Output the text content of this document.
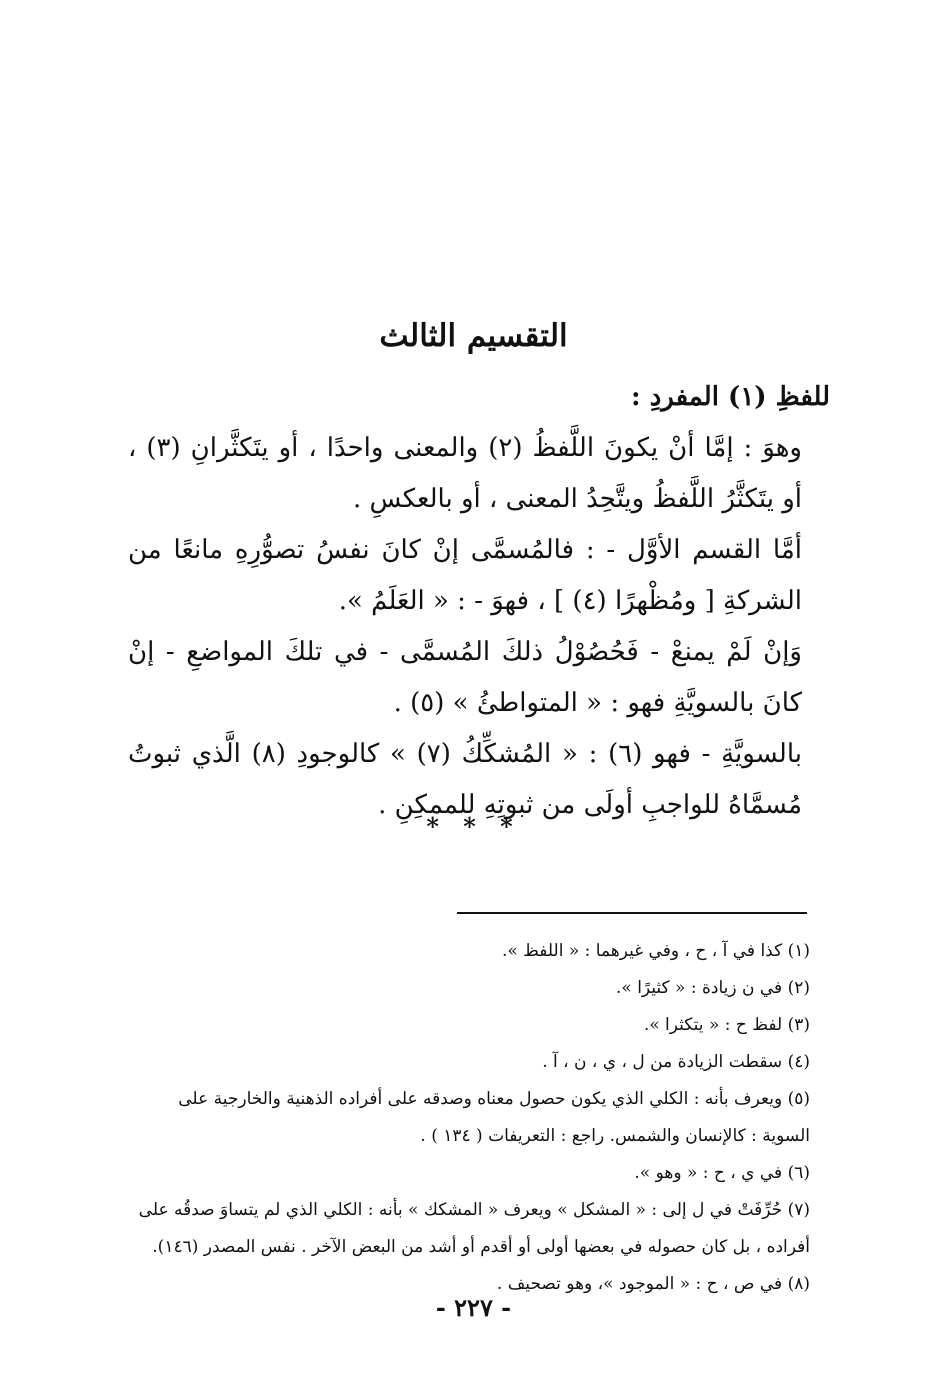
التقسيم الثالث

للفظِ (١) المفردِ :

وهوَ : إمَّا أنْ يكونَ اللَّفظُ (٢) والمعنى واحدًا ، أو يتَكثَّرانِ (٣) ، أو يتَكثَّرُ اللَّفظُ ويتَّحِدُ المعنى ، أو بالعكسِ .

أمَّا القسم الأوَّل - : فالمُسمَّى إنْ كانَ نفسُ تصوُّرِهِ مانعًا من الشركةِ [ ومُظْهرًا (٤) ] ، فهوَ - : « العَلَمُ ».

وَإنْ لَمْ يمنعْ - فَحُصُوْلُ ذلكَ المُسمَّى - في تلكَ المواضعِ - إنْ كانَ بالسويَّةِ فهو : « المتواطئُ » (٥) .

بالسويَّةِ - فهو (٦) : « المُشكِّكُ (٧) » كالوجودِ (٨) الَّذي ثبوتُ مُسمَّاهُ للواجبِ أولَى من ثبوتِهِ للممكِنِ .

* * *

(١) كذا في آ ، ح ، وفي غيرهما : « اللفظ ».

(٢) في ن زيادة : « كثيرًا ».

(٣) لفظ ح : « يتكثرا ».

(٤) سقطت الزيادة من ل ، ي ، ن ، آ .

(٥) ويعرف بأنه : الكلي الذي يكون حصول معناه وصدقه على أفراده الذهنية والخارجية على السوية : كالإنسان والشمس. راجع : التعريفات ( ١٣٤ ) .

(٦) في ي ، ح : « وهو ».

(٧) حُرِّفَتْ في ل إلى : « المشكل » ويعرف « المشكك » بأنه : الكلي الذي لم يتساوَ صدقُه على أفراده ، بل كان حصوله في بعضها أولى أو أقدم أو أشد من البعض الآخر . نفس المصدر (١٤٦).

(٨) في ص ، ح : « الموجود »، وهو تصحيف .

- ٢٢٧ -
